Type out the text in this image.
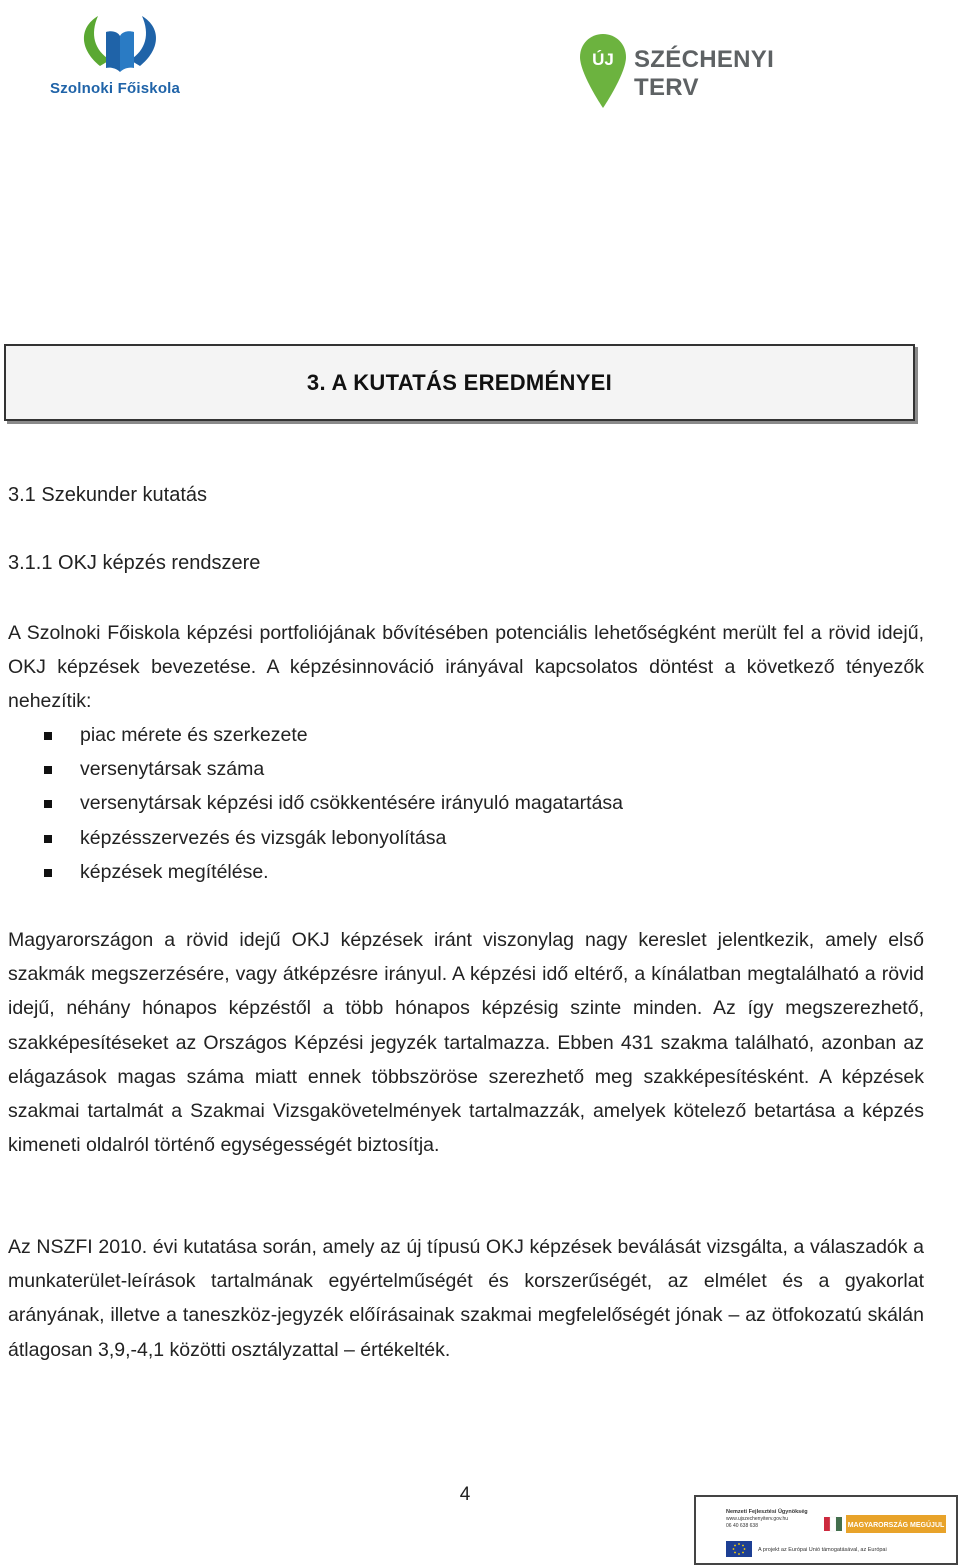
Szolnoki Főiskola
ÚJ SZÉCHENYI TERV
3. A KUTATÁS EREDMÉNYEI
3.1 Szekunder kutatás
3.1.1 OKJ képzés rendszere
A Szolnoki Főiskola képzési portfoliójának bővítésében potenciális lehetőségként merült fel a rövid idejű, OKJ képzések bevezetése. A képzésinnováció irányával kapcsolatos döntést a következő tényezők nehezítik:
piac mérete és szerkezete
versenytársak száma
versenytársak képzési idő csökkentésére irányuló magatartása
képzésszervezés és vizsgák lebonyolítása
képzések megítélése.
Magyarországon a rövid idejű OKJ képzések iránt viszonylag nagy kereslet jelentkezik, amely első szakmák megszerzésére, vagy átképzésre irányul. A képzési idő eltérő, a kínálatban megtalálható a rövid idejű, néhány hónapos képzéstől a több hónapos képzésig szinte minden. Az így megszerezhető, szakképesítéseket az Országos Képzési jegyzék tartalmazza. Ebben 431 szakma található, azonban az elágazások magas száma miatt ennek többszöröse szerezhető meg szakképesítésként. A képzések szakmai tartalmát a Szakmai Vizsgakövetelmények tartalmazzák, amelyek kötelező betartása a képzés kimeneti oldalról történő egységességét biztosítja.
Az NSZFI 2010. évi kutatása során, amely az új típusú OKJ képzések beválását vizsgálta, a válaszadók a munkaterület-leírások tartalmának egyértelműségét és korszerűségét, az elmélet és a gyakorlat arányának, illetve a taneszköz-jegyzék előírásainak szakmai megfelelőségét jónak – az ötfokozatú skálán átlagosan 3,9,-4,1 közötti osztályzattal – értékelték.
4
Nemzeti Fejlesztési Ügynökség
www.ujszechenyiterv.gov.hu
06 40 638 638	MAGYARORSZÁG MEGÚJUL
A projekt az Európai Unió támogatásával, az Európai
